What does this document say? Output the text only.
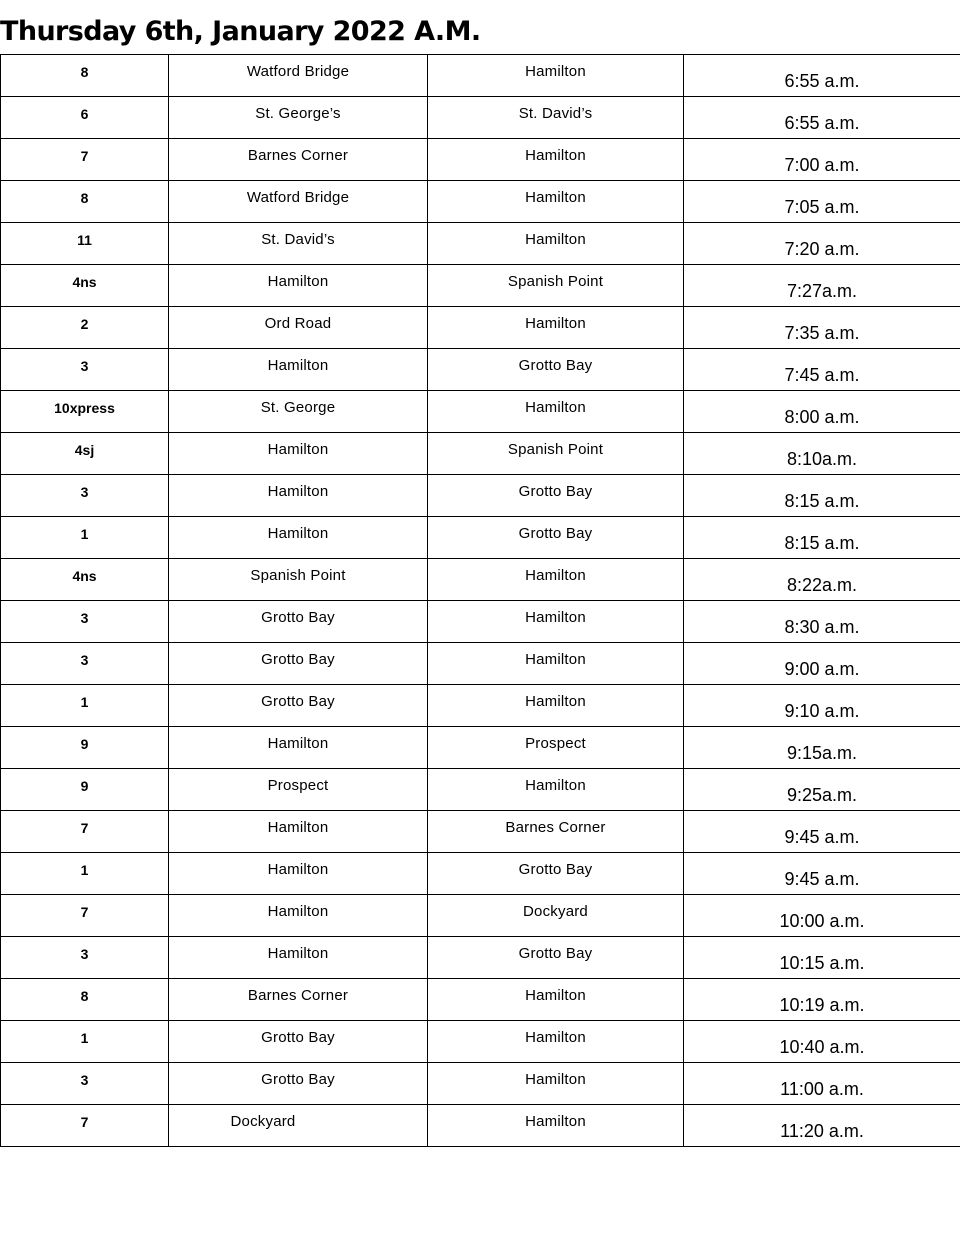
Thursday 6th, January 2022 A.M.
8	Watford Bridge	Hamilton	6:55 a.m.

6	St. George’s	St. David’s	6:55 a.m.

7	Barnes Corner	Hamilton	7:00 a.m.

8	Watford Bridge	Hamilton	7:05 a.m.

11	St. David’s	Hamilton	7:20 a.m.

4ns	Hamilton	Spanish Point	7:27a.m.

2	Ord Road	Hamilton	7:35 a.m.

3	Hamilton	Grotto Bay	7:45 a.m.

10xpress	St. George	Hamilton	8:00 a.m.

4sj	Hamilton	Spanish Point	8:10a.m.

3	Hamilton	Grotto Bay	8:15 a.m.

1	Hamilton	Grotto Bay	8:15 a.m.

4ns	Spanish Point	Hamilton	8:22a.m.

3	Grotto Bay	Hamilton	8:30 a.m.

3	Grotto Bay	Hamilton	9:00 a.m.

1	Grotto Bay	Hamilton	9:10 a.m.

9	Hamilton	Prospect	9:15a.m.

9	Prospect	Hamilton	9:25a.m.

7	Hamilton	Barnes Corner	9:45 a.m.

1	Hamilton	Grotto Bay	9:45 a.m.

7	Hamilton	Dockyard	10:00 a.m.

3	Hamilton	Grotto Bay	10:15 a.m.

8	Barnes Corner	Hamilton	10:19 a.m.

1	Grotto Bay	Hamilton	10:40 a.m.

3	Grotto Bay	Hamilton	11:00 a.m.

7	Dockyard	Hamilton	11:20 a.m.
